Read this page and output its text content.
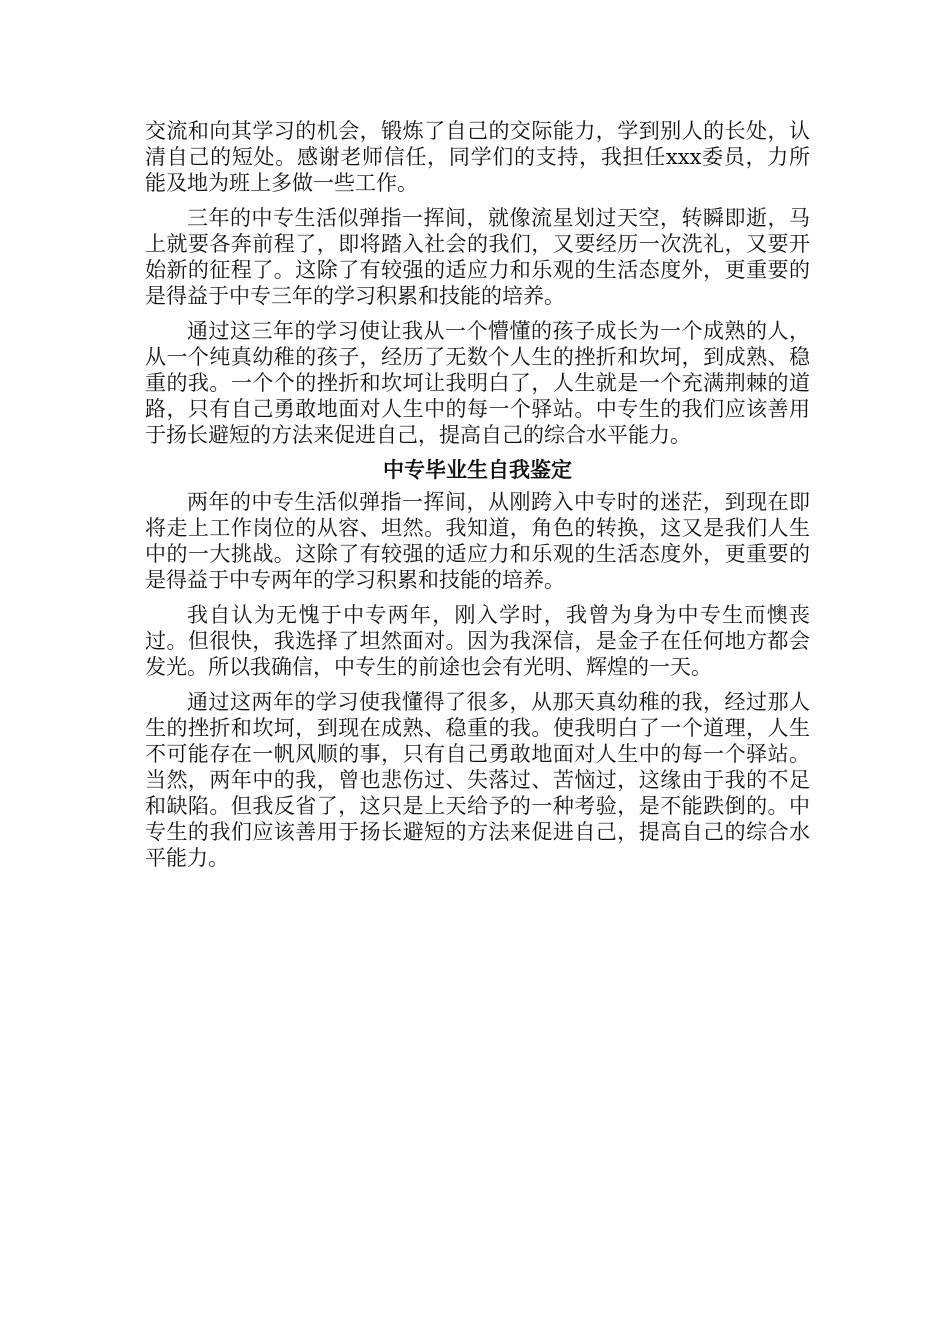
交流和向其学习的机会，锻炼了自己的交际能力，学到别人的长处，认清自己的短处。感谢老师信任，同学们的支持，我担任xxx委员，力所能及地为班上多做一些工作。

三年的中专生活似弹指一挥间，就像流星划过天空，转瞬即逝，马上就要各奔前程了，即将踏入社会的我们，又要经历一次洗礼，又要开始新的征程了。这除了有较强的适应力和乐观的生活态度外，更重要的是得益于中专三年的学习积累和技能的培养。

通过这三年的学习使让我从一个懵懂的孩子成长为一个成熟的人，从一个纯真幼稚的孩子，经历了无数个人生的挫折和坎坷，到成熟、稳重的我。一个个的挫折和坎坷让我明白了，人生就是一个充满荆棘的道路，只有自己勇敢地面对人生中的每一个驿站。中专生的我们应该善用于扬长避短的方法来促进自己，提高自己的综合水平能力。

中专毕业生自我鉴定

两年的中专生活似弹指一挥间，从刚跨入中专时的迷茫，到现在即将走上工作岗位的从容、坦然。我知道，角色的转换，这又是我们人生中的一大挑战。这除了有较强的适应力和乐观的生活态度外，更重要的是得益于中专两年的学习积累和技能的培养。

我自认为无愧于中专两年，刚入学时，我曾为身为中专生而懊丧过。但很快，我选择了坦然面对。因为我深信，是金子在任何地方都会发光。所以我确信，中专生的前途也会有光明、辉煌的一天。

通过这两年的学习使我懂得了很多，从那天真幼稚的我，经过那人生的挫折和坎坷，到现在成熟、稳重的我。使我明白了一个道理，人生不可能存在一帆风顺的事，只有自己勇敢地面对人生中的每一个驿站。当然，两年中的我，曾也悲伤过、失落过、苦恼过，这缘由于我的不足和缺陷。但我反省了，这只是上天给予的一种考验，是不能跌倒的。中专生的我们应该善用于扬长避短的方法来促进自己，提高自己的综合水平能力。
